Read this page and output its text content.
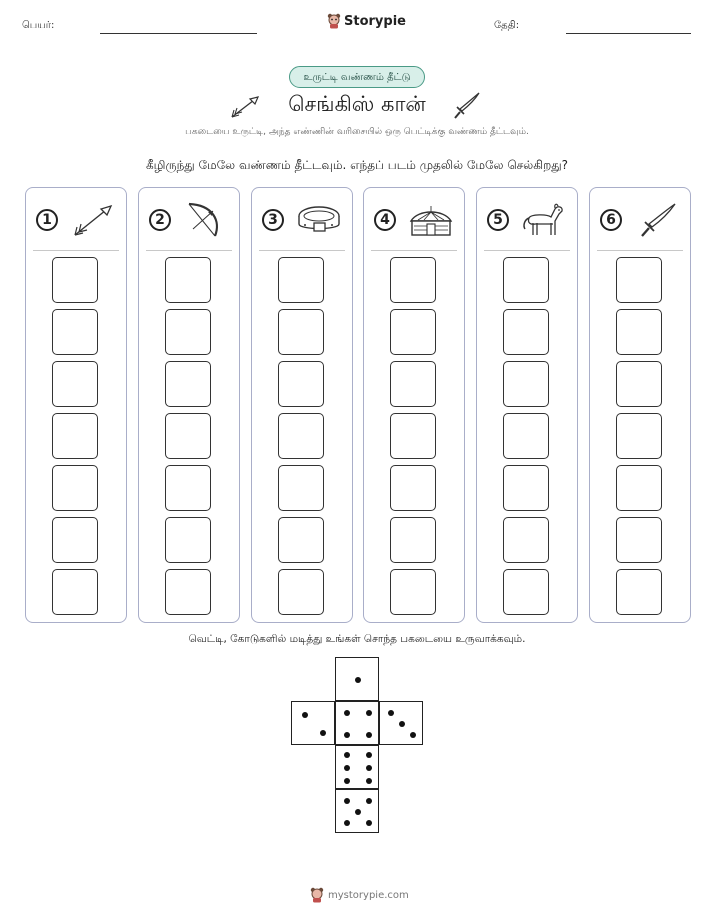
பெயர்:	Storypie	தேதி:
உருட்டி வண்ணம் தீட்டு
செங்கிஸ் கான்
பகடையை உருட்டி, அந்த எண்ணின் வரிசையில் ஒரு பெட்டிக்கு வண்ணம் தீட்டவும்.
கீழிருந்து மேலே வண்ணம் தீட்டவும். எந்தப் படம் முதலில் மேலே செல்கிறது?
1	2	3	4	5	6
வெட்டி, கோடுகளில் மடித்து உங்கள் சொந்த பகடையை உருவாக்கவும்.
mystorypie.com
